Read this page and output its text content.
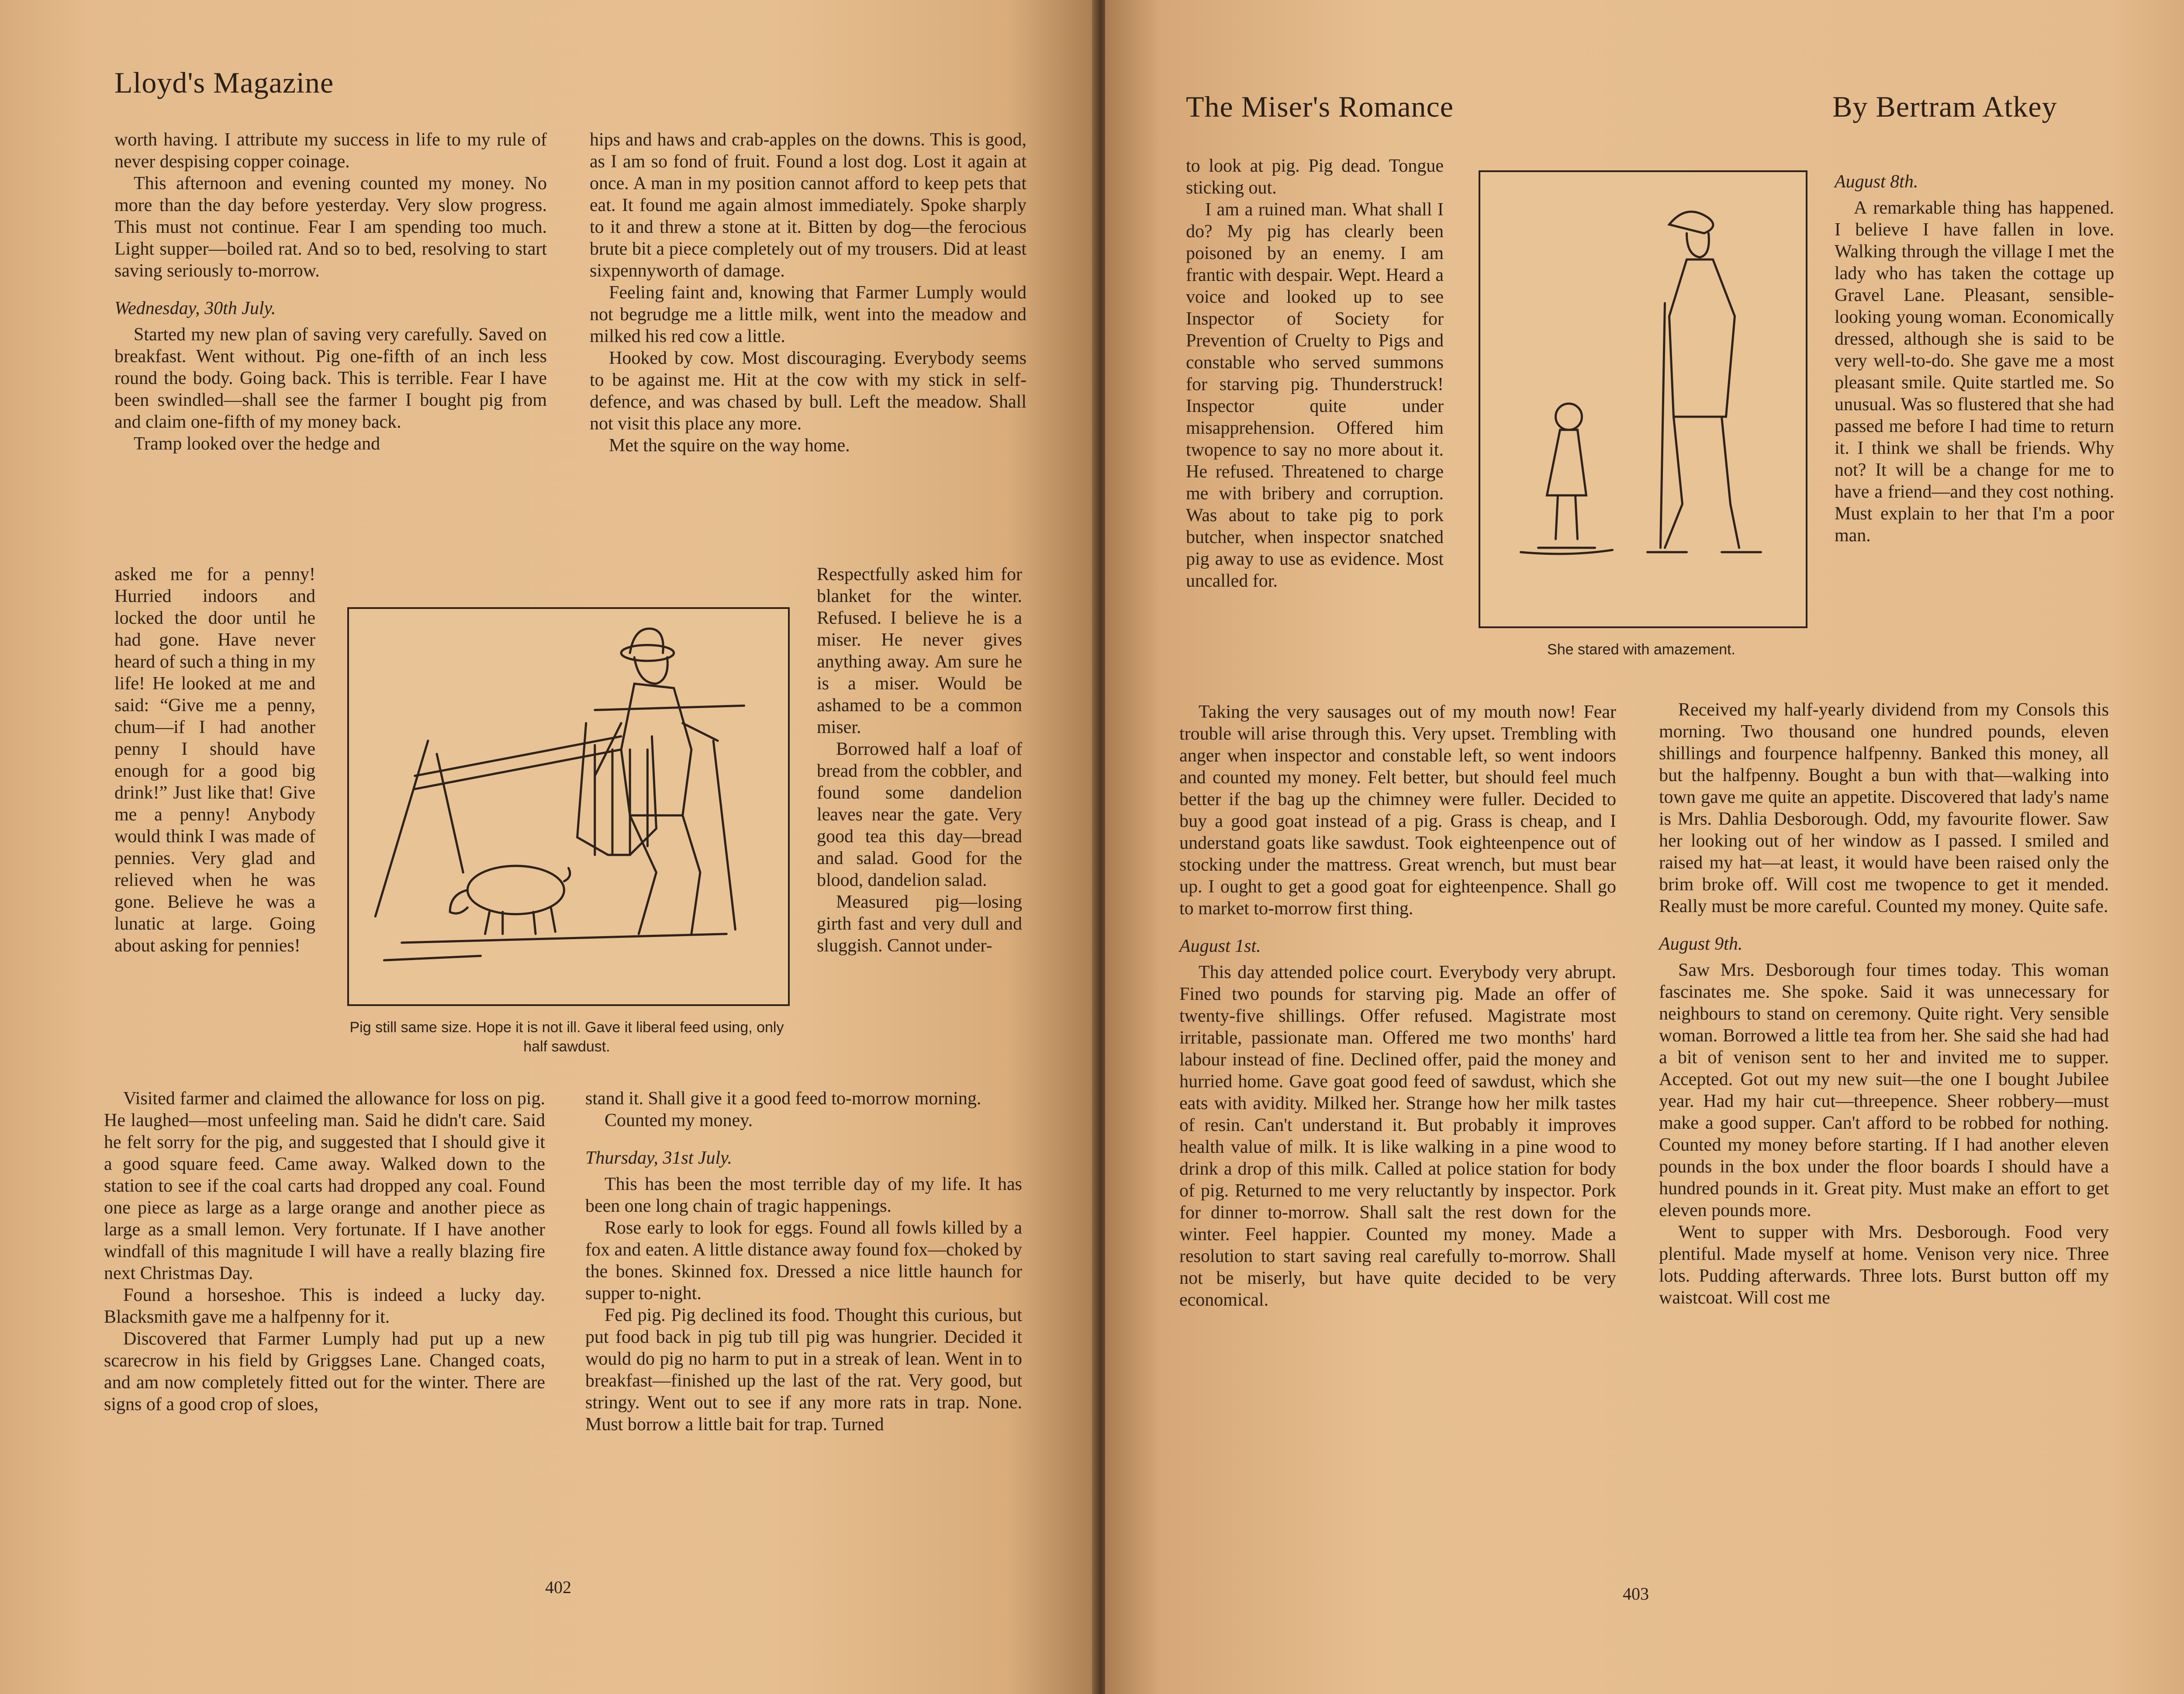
Lloyd's Magazine

worth having. I attribute my success in life to my rule of never despising copper coinage.

This afternoon and evening counted my money. No more than the day before yesterday. Very slow progress. This must not continue. Fear I am spending too much. Light supper—boiled rat. And so to bed, resolving to start saving seriously to-morrow.

Wednesday, 30th July.

Started my new plan of saving very carefully. Saved on breakfast. Went without. Pig one-fifth of an inch less round the body. Going back. This is terrible. Fear I have been swindled—shall see the farmer I bought pig from and claim one-fifth of my money back.

Tramp looked over the hedge and

asked me for a penny! Hurried indoors and locked the door until he had gone. Have never heard of such a thing in my life! He looked at me and said: “Give me a penny, chum—if I had another penny I should have enough for a good big drink!” Just like that! Give me a penny! Anybody would think I was made of pennies. Very glad and relieved when he was gone. Believe he was a lunatic at large. Going about asking for pennies!

Visited farmer and claimed the allowance for loss on pig. He laughed—most unfeeling man. Said he didn't care. Said he felt sorry for the pig, and suggested that I should give it a good square feed. Came away. Walked down to the station to see if the coal carts had dropped any coal. Found one piece as large as a large orange and another piece as large as a small lemon. Very fortunate. If I have another windfall of this magnitude I will have a really blazing fire next Christmas Day.

Found a horseshoe. This is indeed a lucky day. Blacksmith gave me a halfpenny for it.

Discovered that Farmer Lumply had put up a new scarecrow in his field by Griggses Lane. Changed coats, and am now completely fitted out for the winter. There are signs of a good crop of sloes,

hips and haws and crab-apples on the downs. This is good, as I am so fond of fruit. Found a lost dog. Lost it again at once. A man in my position cannot afford to keep pets that eat. It found me again almost immediately. Spoke sharply to it and threw a stone at it. Bitten by dog—the ferocious brute bit a piece completely out of my trousers. Did at least sixpennyworth of damage.

Feeling faint and, knowing that Farmer Lumply would not begrudge me a little milk, went into the meadow and milked his red cow a little.

Hooked by cow. Most discouraging. Everybody seems to be against me. Hit at the cow with my stick in self-defence, and was chased by bull. Left the meadow. Shall not visit this place any more.

Met the squire on the way home.

Respectfully asked him for blanket for the winter. Refused. I believe he is a miser. He never gives anything away. Am sure he is a miser. Would be ashamed to be a common miser.

Borrowed half a loaf of bread from the cobbler, and found some dandelion leaves near the gate. Very good tea this day—bread and salad. Good for the blood, dandelion salad.

Measured pig—losing girth fast and very dull and sluggish. Cannot under-

stand it. Shall give it a good feed to-morrow morning.

Counted my money.

Thursday, 31st July.

This has been the most terrible day of my life. It has been one long chain of tragic happenings.

Rose early to look for eggs. Found all fowls killed by a fox and eaten. A little distance away found fox—choked by the bones. Skinned fox. Dressed a nice little haunch for supper to-night.

Fed pig. Pig declined its food. Thought this curious, but put food back in pig tub till pig was hungrier. Decided it would do pig no harm to put in a streak of lean. Went in to breakfast—finished up the last of the rat. Very good, but stringy. Went out to see if any more rats in trap. None. Must borrow a little bait for trap. Turned

Pig still same size. Hope it is not ill. Gave it liberal feed using, only half sawdust.
402
The Miser's Romance	By Bertram Atkey

to look at pig. Pig dead. Tongue sticking out.

I am a ruined man. What shall I do? My pig has clearly been poisoned by an enemy. I am frantic with despair. Wept. Heard a voice and looked up to see Inspector of Society for Prevention of Cruelty to Pigs and constable who served summons for starving pig. Thunderstruck! Inspector quite under misapprehension. Offered him twopence to say no more about it. He refused. Threatened to charge me with bribery and corruption. Was about to take pig to pork butcher, when inspector snatched pig away to use as evidence. Most uncalled for.

Taking the very sausages out of my mouth now! Fear trouble will arise through this. Very upset. Trembling with anger when inspector and constable left, so went indoors and counted my money. Felt better, but should feel much better if the bag up the chimney were fuller. Decided to buy a good goat instead of a pig. Grass is cheap, and I understand goats like sawdust. Took eighteenpence out of stocking under the mattress. Great wrench, but must bear up. I ought to get a good goat for eighteenpence. Shall go to market to-morrow first thing.

August 1st.

This day attended police court. Everybody very abrupt. Fined two pounds for starving pig. Made an offer of twenty-five shillings. Offer refused. Magistrate most irritable, passionate man. Offered me two months' hard labour instead of fine. Declined offer, paid the money and hurried home. Gave goat good feed of sawdust, which she eats with avidity. Milked her. Strange how her milk tastes of resin. Can't understand it. But probably it improves health value of milk. It is like walking in a pine wood to drink a drop of this milk. Called at police station for body of pig. Returned to me very reluctantly by inspector. Pork for dinner to-morrow. Shall salt the rest down for the winter. Feel happier. Counted my money. Made a resolution to start saving real carefully to-morrow. Shall not be miserly, but have quite decided to be very economical.

August 8th.

A remarkable thing has happened. I believe I have fallen in love. Walking through the village I met the lady who has taken the cottage up Gravel Lane. Pleasant, sensible-looking young woman. Economically dressed, although she is said to be very well-to-do. She gave me a most pleasant smile. Quite startled me. So unusual. Was so flustered that she had passed me before I had time to return it. I think we shall be friends. Why not? It will be a change for me to have a friend—and they cost nothing. Must explain to her that I'm a poor man.

Received my half-yearly dividend from my Consols this morning. Two thousand one hundred pounds, eleven shillings and fourpence halfpenny. Banked this money, all but the halfpenny. Bought a bun with that—walking into town gave me quite an appetite. Discovered that lady's name is Mrs. Dahlia Desborough. Odd, my favourite flower. Saw her looking out of her window as I passed. I smiled and raised my hat—at least, it would have been raised only the brim broke off. Will cost me twopence to get it mended. Really must be more careful. Counted my money. Quite safe.

August 9th.

Saw Mrs. Desborough four times today. This woman fascinates me. She spoke. Said it was unnecessary for neighbours to stand on ceremony. Quite right. Very sensible woman. Borrowed a little tea from her. She said she had had a bit of venison sent to her and invited me to supper. Accepted. Got out my new suit—the one I bought Jubilee year. Had my hair cut—threepence. Sheer robbery—must make a good supper. Can't afford to be robbed for nothing. Counted my money before starting. If I had another eleven pounds in the box under the floor boards I should have a hundred pounds in it. Great pity. Must make an effort to get eleven pounds more.

Went to supper with Mrs. Desborough. Food very plentiful. Made myself at home. Venison very nice. Three lots. Pudding afterwards. Three lots. Burst button off my waistcoat. Will cost me

She stared with amazement.
403
